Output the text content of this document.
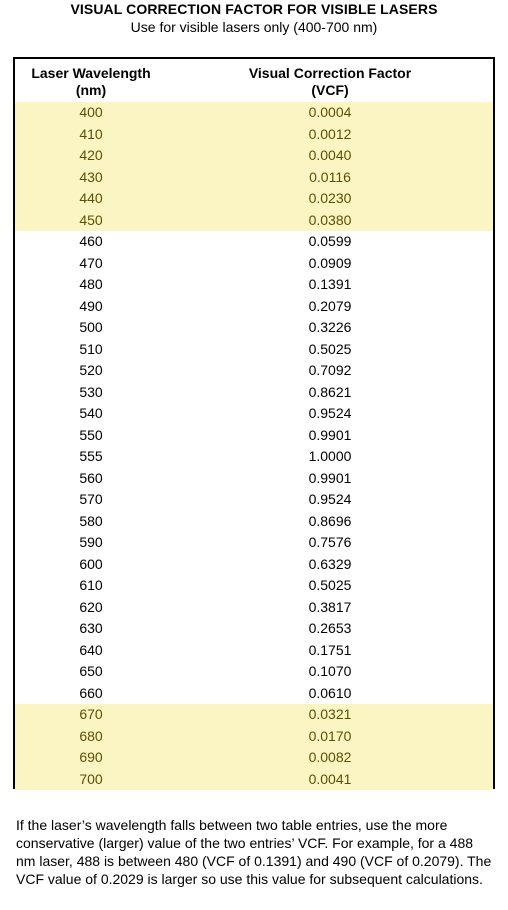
VISUAL CORRECTION FACTOR FOR VISIBLE LASERS
Use for visible lasers only (400-700 nm)
Laser Wavelength
(nm)
Visual Correction Factor
(VCF)
400	0.0004
410	0.0012
420	0.0040
430	0.0116
440	0.0230
450	0.0380
460	0.0599
470	0.0909
480	0.1391
490	0.2079
500	0.3226
510	0.5025
520	0.7092
530	0.8621
540	0.9524
550	0.9901
555	1.0000
560	0.9901
570	0.9524
580	0.8696
590	0.7576
600	0.6329
610	0.5025
620	0.3817
630	0.2653
640	0.1751
650	0.1070
660	0.0610
670	0.0321
680	0.0170
690	0.0082
700	0.0041
If the laser’s wavelength falls between two table entries, use the more conservative (larger) value of the two entries’ VCF. For example, for a 488 nm laser, 488 is between 480 (VCF of 0.1391) and 490 (VCF of 0.2079). The VCF value of 0.2029 is larger so use this value for subsequent calculations.
